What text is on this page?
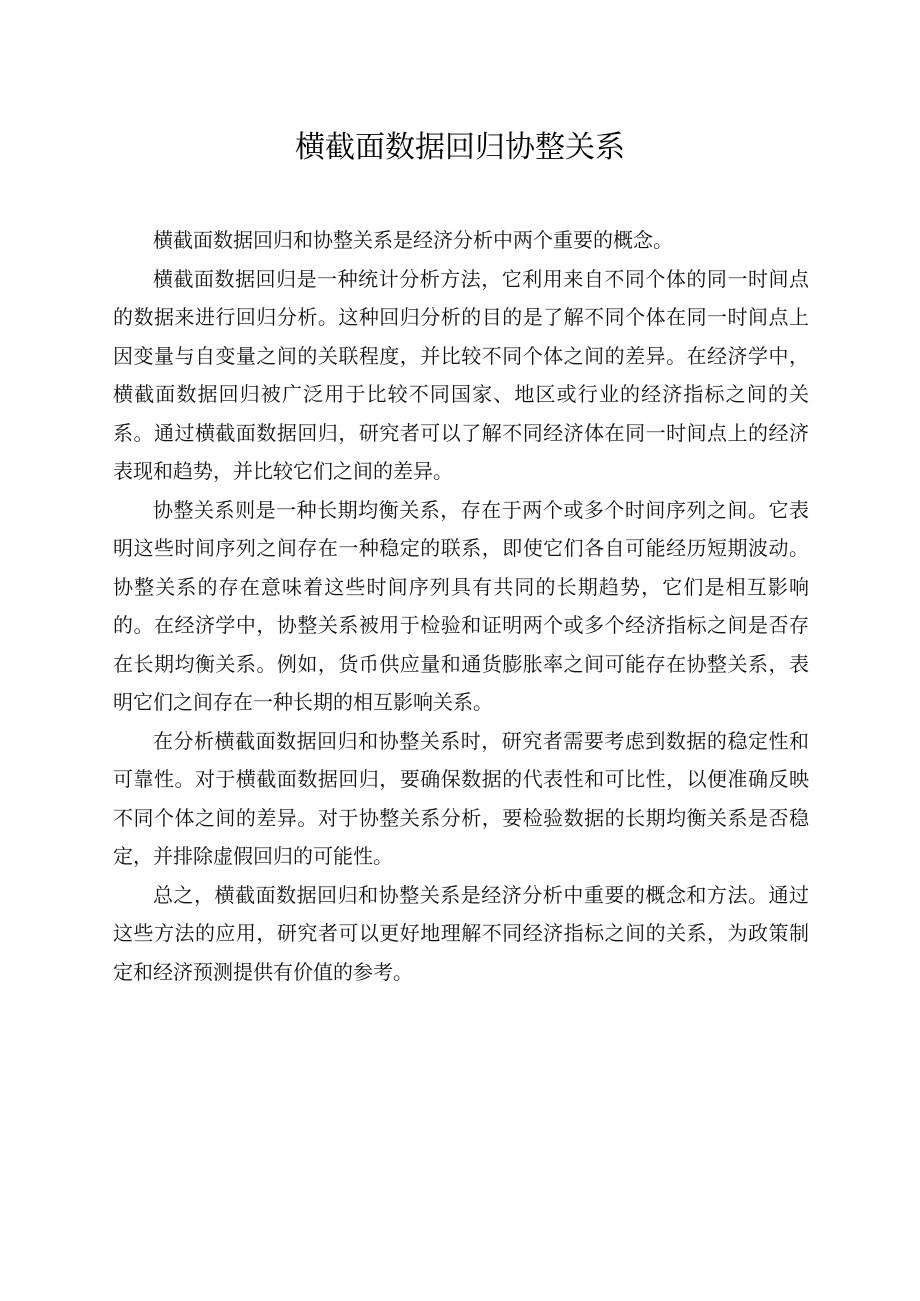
横截面数据回归协整关系

横截面数据回归和协整关系是经济分析中两个重要的概念。

横截面数据回归是一种统计分析方法，它利用来自不同个体的同一时间点的数据来进行回归分析。这种回归分析的目的是了解不同个体在同一时间点上因变量与自变量之间的关联程度，并比较不同个体之间的差异。在经济学中，横截面数据回归被广泛用于比较不同国家、地区或行业的经济指标之间的关系。通过横截面数据回归，研究者可以了解不同经济体在同一时间点上的经济表现和趋势，并比较它们之间的差异。

协整关系则是一种长期均衡关系，存在于两个或多个时间序列之间。它表明这些时间序列之间存在一种稳定的联系，即使它们各自可能经历短期波动。协整关系的存在意味着这些时间序列具有共同的长期趋势，它们是相互影响的。在经济学中，协整关系被用于检验和证明两个或多个经济指标之间是否存在长期均衡关系。例如，货币供应量和通货膨胀率之间可能存在协整关系，表明它们之间存在一种长期的相互影响关系。

在分析横截面数据回归和协整关系时，研究者需要考虑到数据的稳定性和可靠性。对于横截面数据回归，要确保数据的代表性和可比性，以便准确反映不同个体之间的差异。对于协整关系分析，要检验数据的长期均衡关系是否稳定，并排除虚假回归的可能性。

总之，横截面数据回归和协整关系是经济分析中重要的概念和方法。通过这些方法的应用，研究者可以更好地理解不同经济指标之间的关系，为政策制定和经济预测提供有价值的参考。
